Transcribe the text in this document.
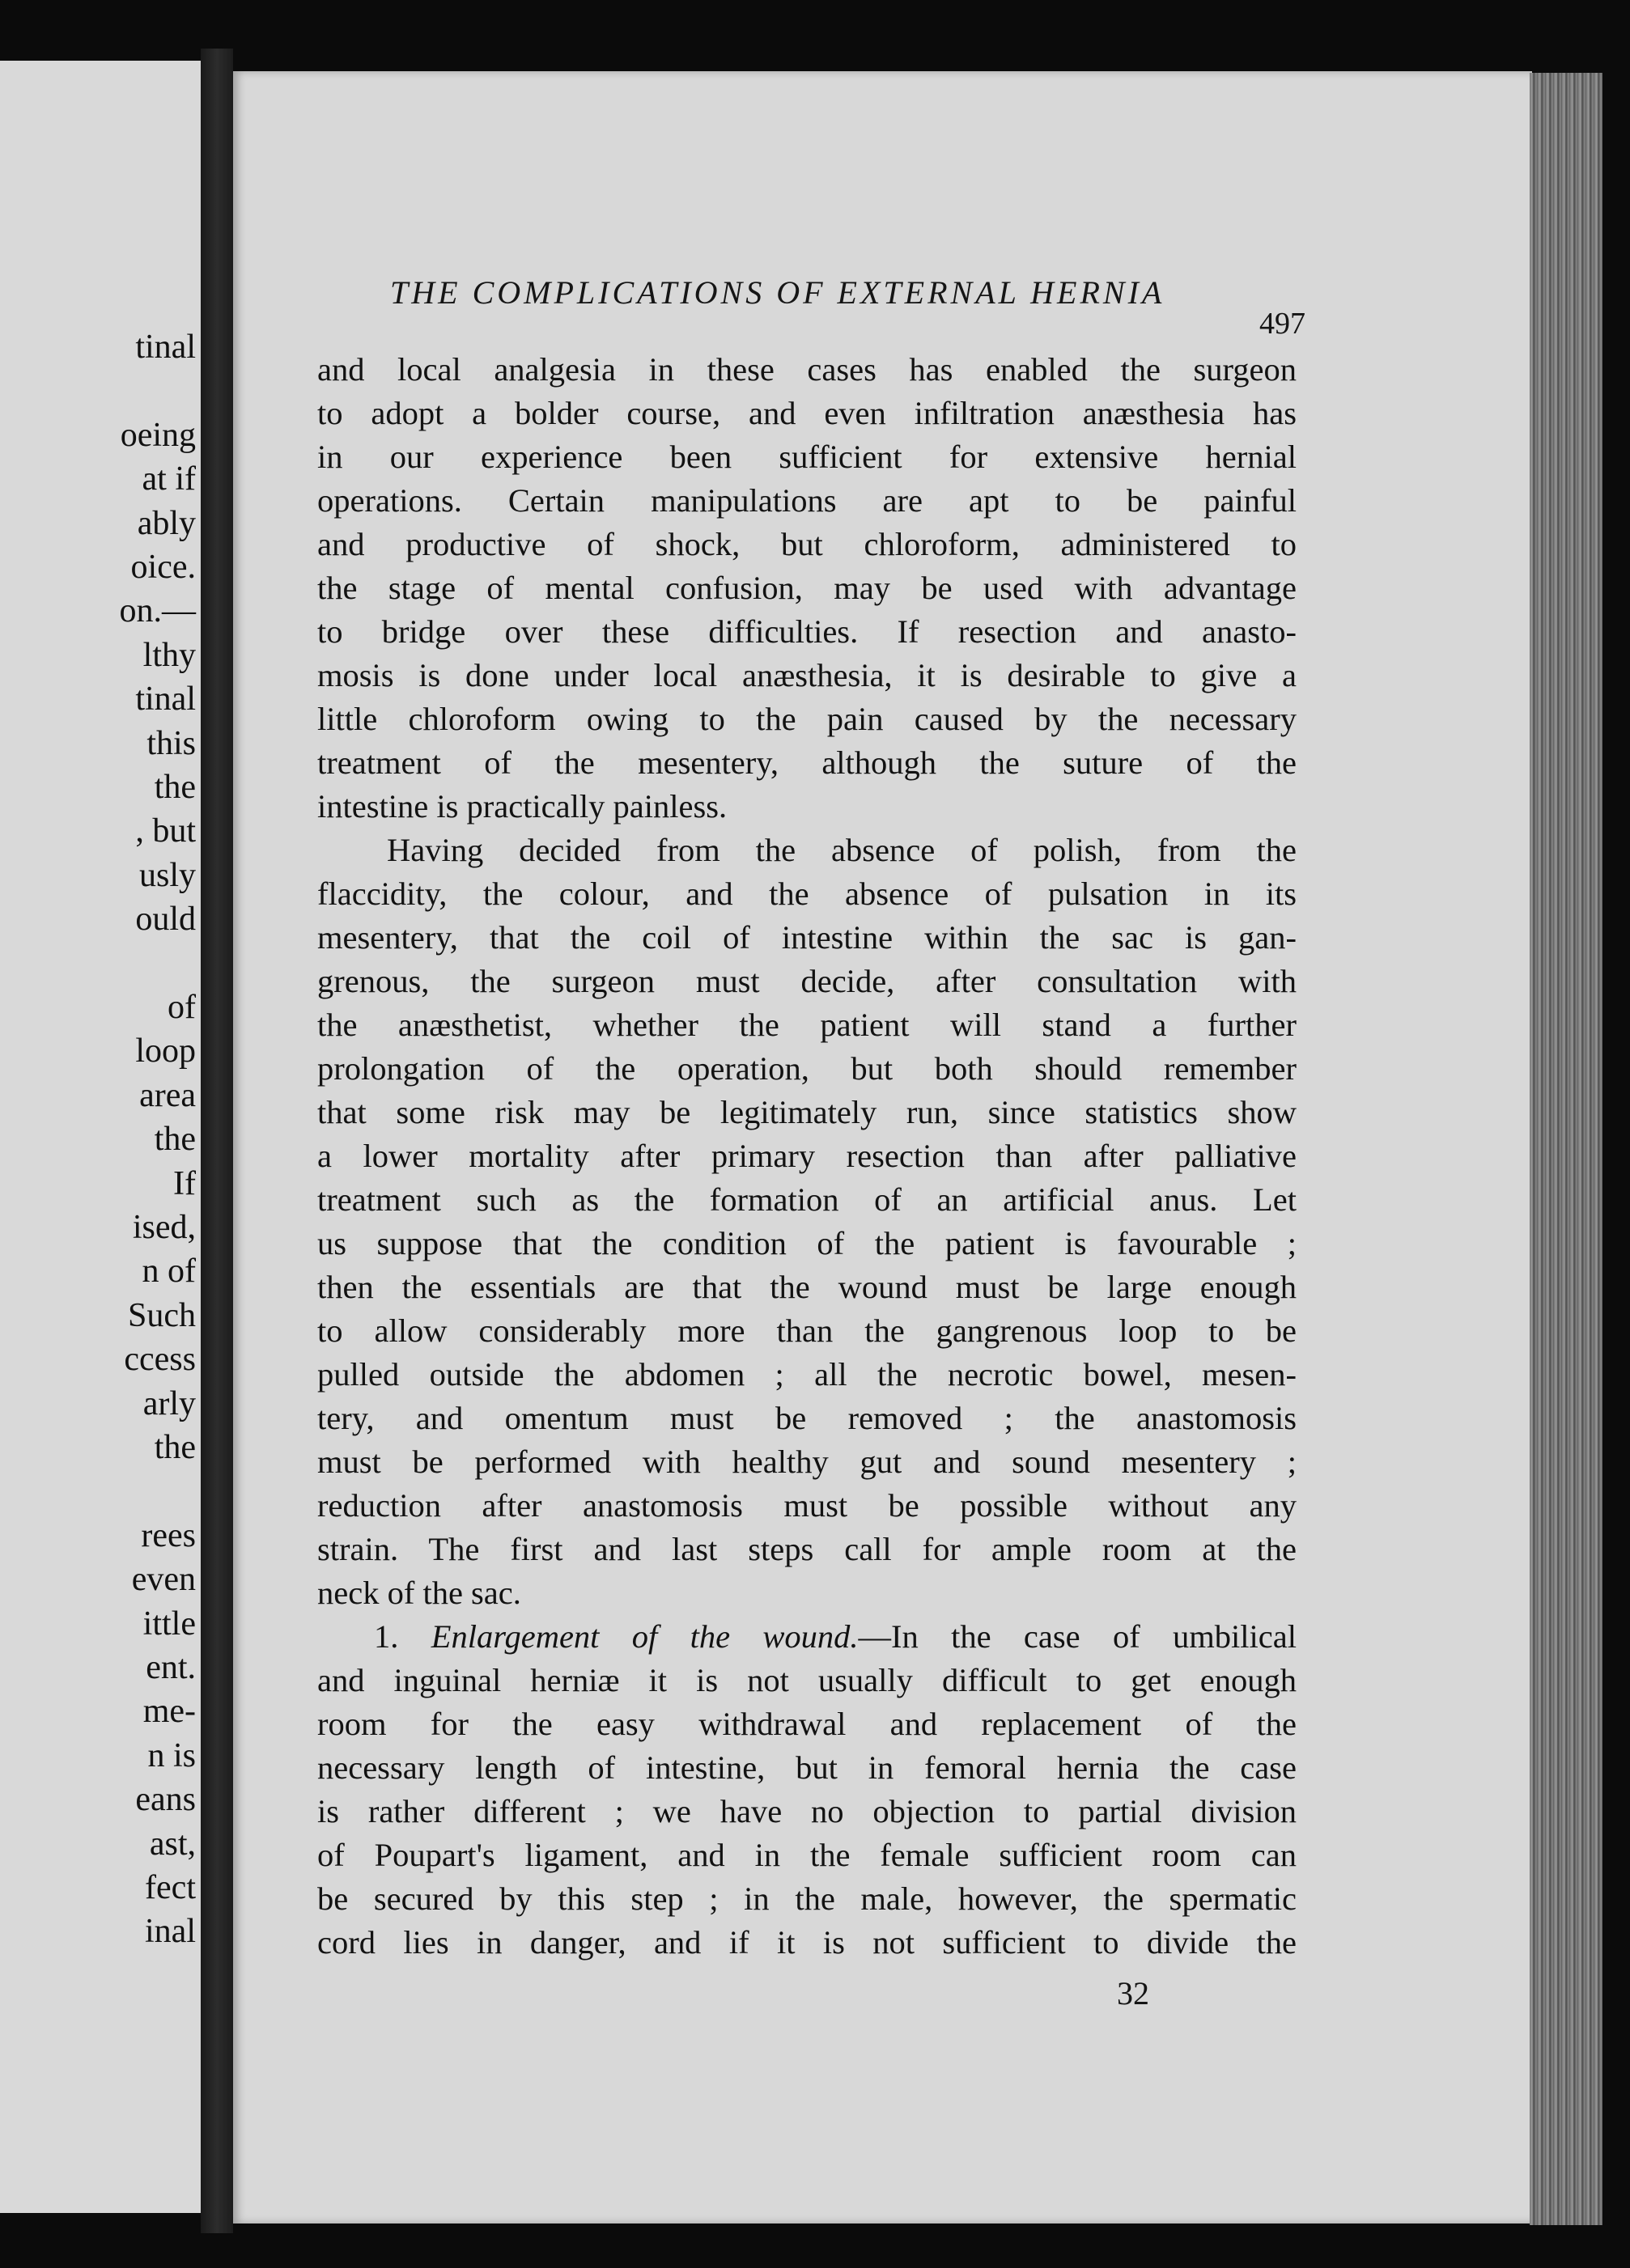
tinal
oeing
at if
ably
oice.
on.—
lthy
tinal
this
the
, but
usly
ould
of
loop
area
the
If
ised,
n of
Such
ccess
arly
the
rees
even
ittle
ent.
me-
n is
eans
ast,
fect
inal
THE COMPLICATIONS OF EXTERNAL HERNIA
497
and local analgesia in these cases has enabled the surgeon
to adopt a bolder course, and even infiltration anæsthesia has
in our experience been sufficient for extensive hernial
operations. Certain manipulations are apt to be painful
and productive of shock, but chloroform, administered to
the stage of mental confusion, may be used with advantage
to bridge over these difficulties. If resection and anasto-
mosis is done under local anæsthesia, it is desirable to give a
little chloroform owing to the pain caused by the necessary
treatment of the mesentery, although the suture of the
intestine is practically painless.
Having decided from the absence of polish, from the
flaccidity, the colour, and the absence of pulsation in its
mesentery, that the coil of intestine within the sac is gan-
grenous, the surgeon must decide, after consultation with
the anæsthetist, whether the patient will stand a further
prolongation of the operation, but both should remember
that some risk may be legitimately run, since statistics show
a lower mortality after primary resection than after palliative
treatment such as the formation of an artificial anus. Let
us suppose that the condition of the patient is favourable ;
then the essentials are that the wound must be large enough
to allow considerably more than the gangrenous loop to be
pulled outside the abdomen ; all the necrotic bowel, mesen-
tery, and omentum must be removed ; the anastomosis
must be performed with healthy gut and sound mesentery ;
reduction after anastomosis must be possible without any
strain. The first and last steps call for ample room at the
neck of the sac.
1. Enlargement of the wound.—In the case of umbilical
and inguinal herniæ it is not usually difficult to get enough
room for the easy withdrawal and replacement of the
necessary length of intestine, but in femoral hernia the case
is rather different ; we have no objection to partial division
of Poupart's ligament, and in the female sufficient room can
be secured by this step ; in the male, however, the spermatic
cord lies in danger, and if it is not sufficient to divide the
32
